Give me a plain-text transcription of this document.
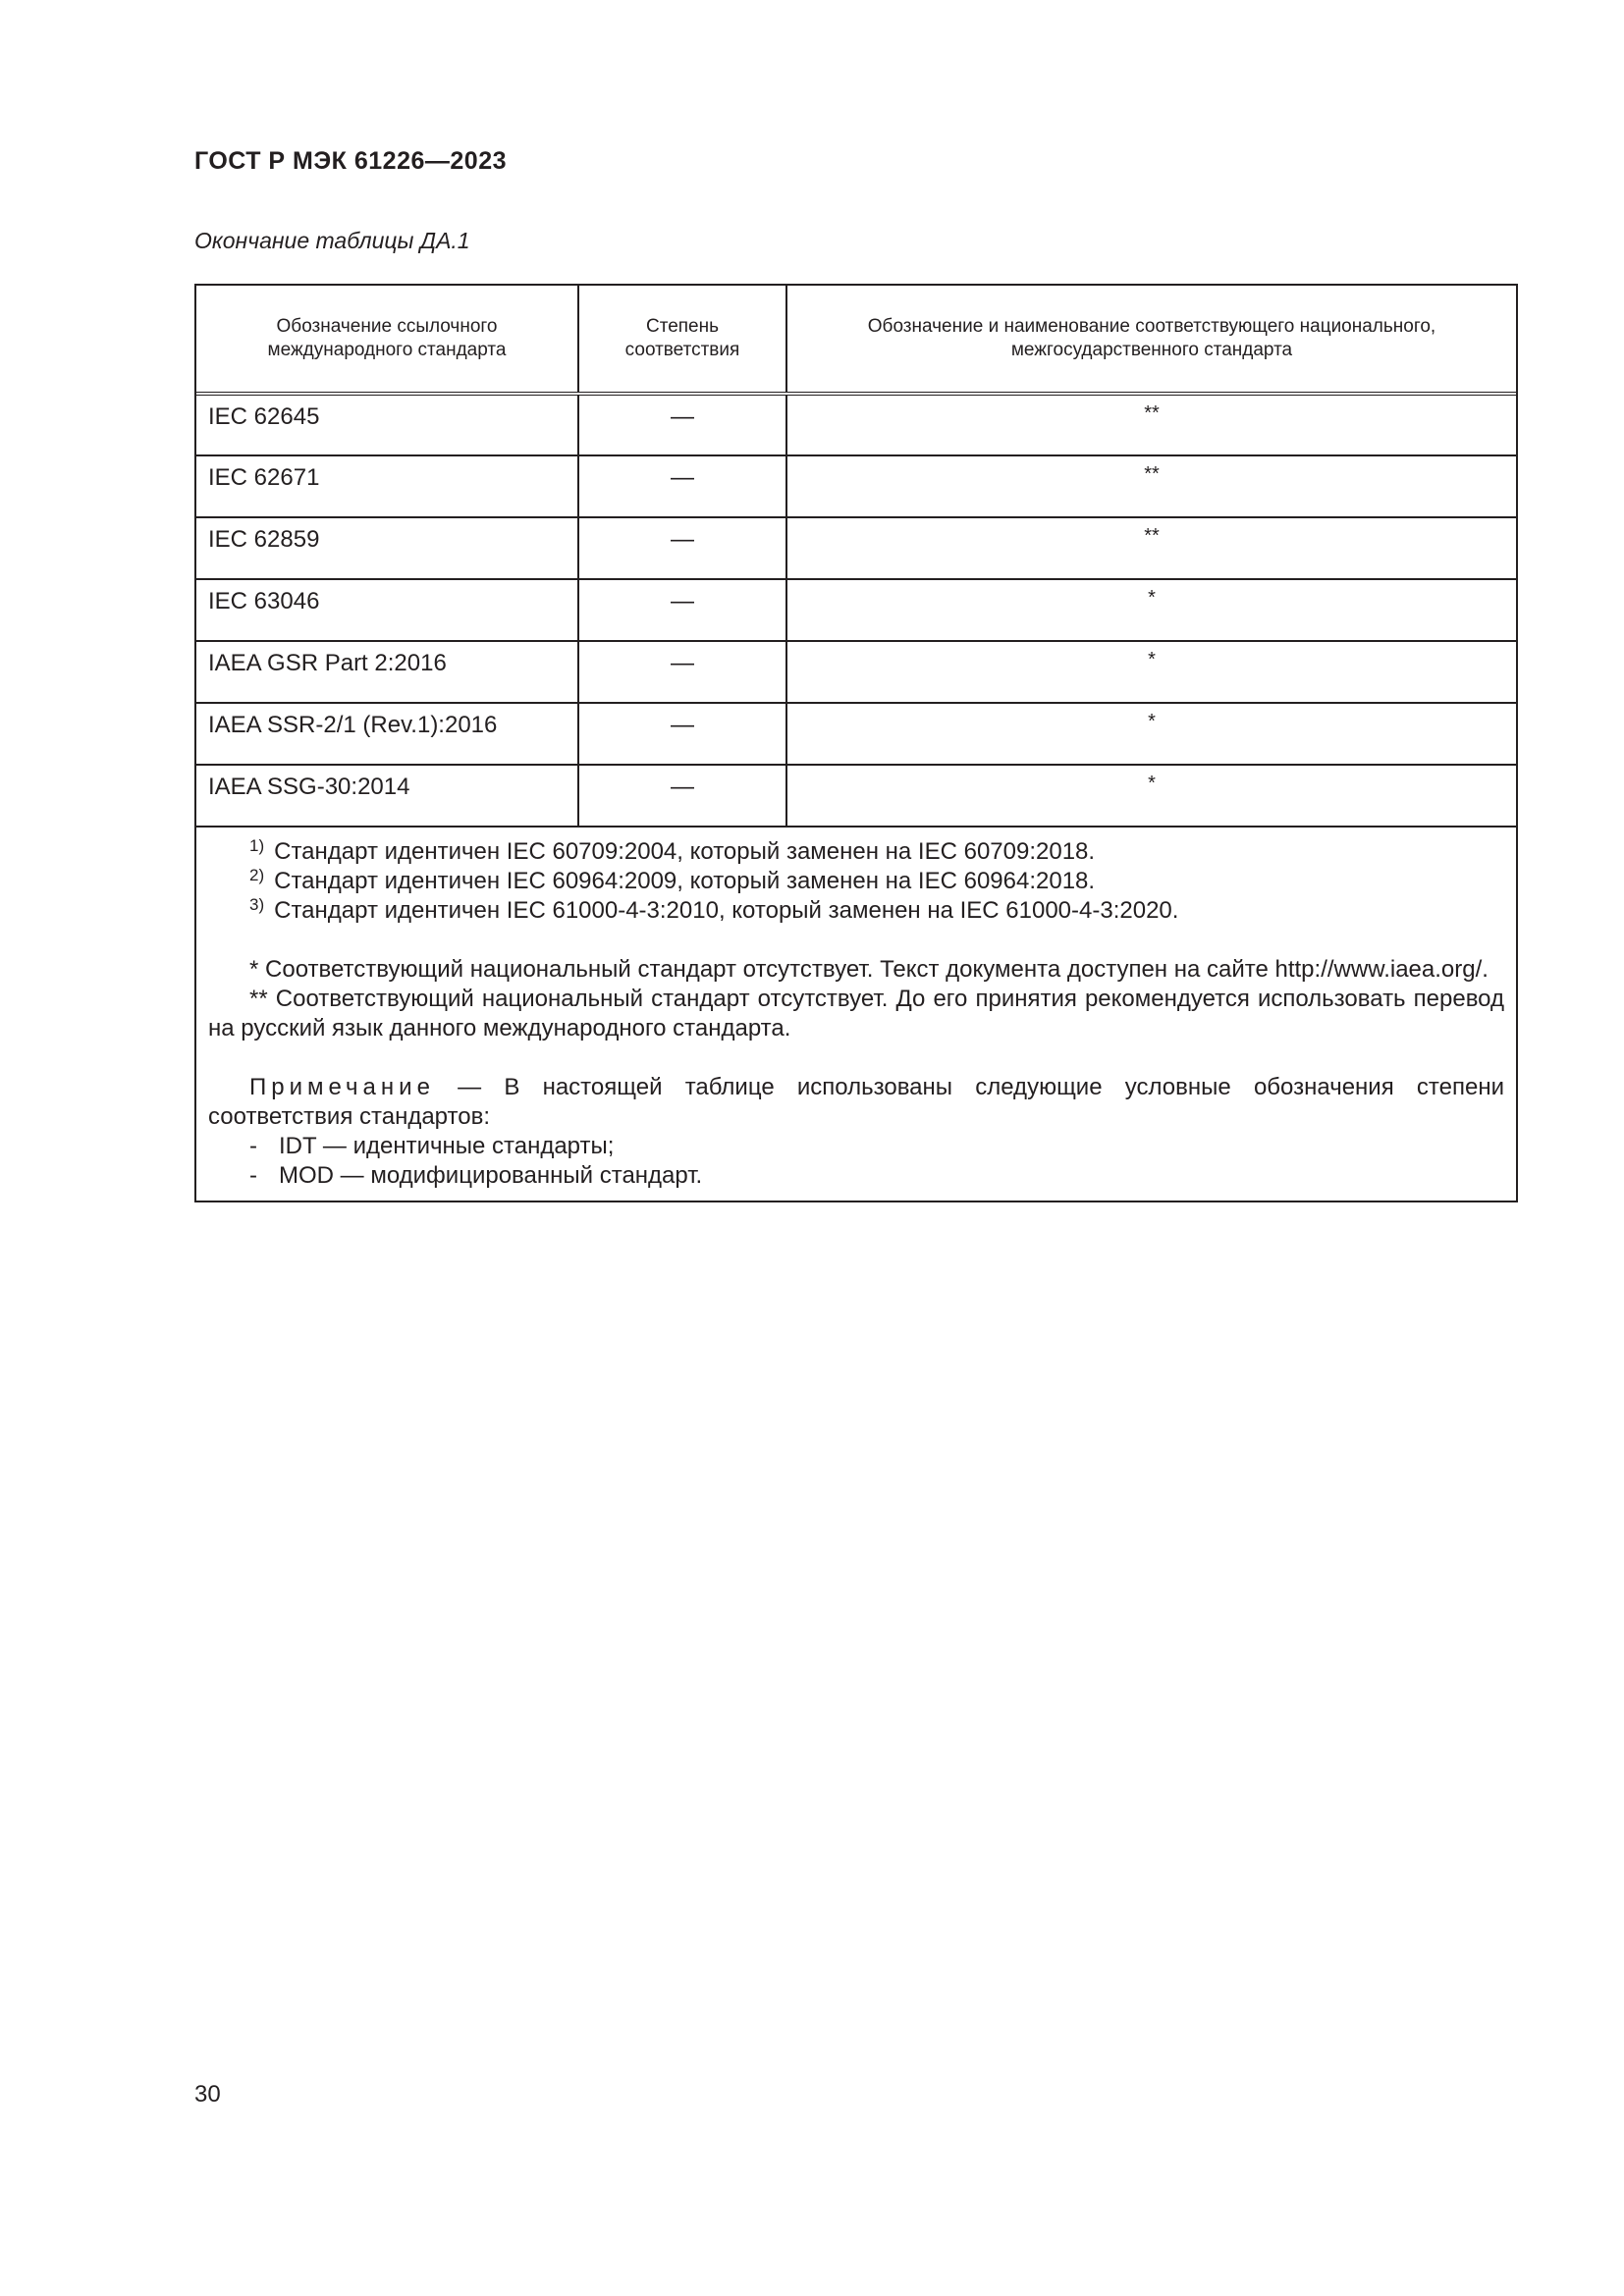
ГОСТ Р МЭК 61226—2023
Окончание таблицы ДА.1
Обозначение ссылочного международного стандарта	Степень соответствия	Обозначение и наименование соответствующего национального, межгосударственного стандарта
IEC 62645	—	**
IEC 62671	—	**
IEC 62859	—	**
IEC 63046	—	*
IAEA GSR Part 2:2016	—	*
IAEA SSR-2/1 (Rev.1):2016	—	*
IAEA SSG-30:2014	—	*
$^{1)}$ Стандарт идентичен IEC 60709:2004, который заменен на IEC 60709:2018.
$^{2)}$ Стандарт идентичен IEC 60964:2009, который заменен на IEC 60964:2018.
$^{3)}$ Стандарт идентичен IEC 61000-4-3:2010, который заменен на IEC 61000-4-3:2020.
* Соответствующий национальный стандарт отсутствует. Текст документа доступен на сайте http://www.iaea.org/.
** Соответствующий национальный стандарт отсутствует. До его принятия рекомендуется использовать перевод на русский язык данного международного стандарта.
Примечание — В настоящей таблице использованы следующие условные обозначения степени соответствия стандартов:
- IDT — идентичные стандарты;
- MOD — модифицированный стандарт.
30
